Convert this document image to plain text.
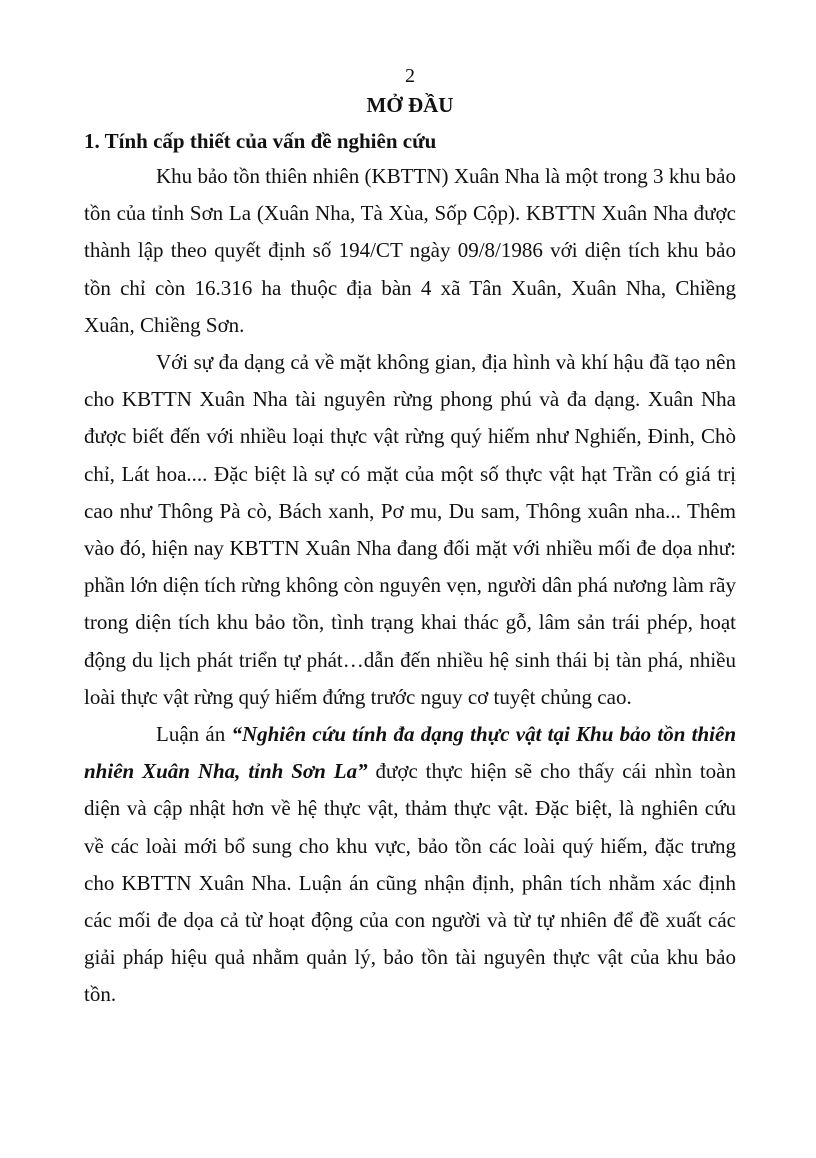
2

MỞ ĐẦU

1. Tính cấp thiết của vấn đề nghiên cứu

Khu bảo tồn thiên nhiên (KBTTN) Xuân Nha là một trong 3 khu bảo tồn của tỉnh Sơn La (Xuân Nha, Tà Xùa, Sốp Cộp). KBTTN Xuân Nha được thành lập theo quyết định số 194/CT ngày 09/8/1986 với diện tích khu bảo tồn chỉ còn 16.316 ha thuộc địa bàn 4 xã Tân Xuân, Xuân Nha, Chiềng Xuân, Chiềng Sơn.

Với sự đa dạng cả về mặt không gian, địa hình và khí hậu đã tạo nên cho KBTTN Xuân Nha tài nguyên rừng phong phú và đa dạng. Xuân Nha được biết đến với nhiều loại thực vật rừng quý hiếm như Nghiến, Đinh, Chò chỉ, Lát hoa.... Đặc biệt là sự có mặt của một số thực vật hạt Trần có giá trị cao như Thông Pà cò, Bách xanh, Pơ mu, Du sam, Thông xuân nha... Thêm vào đó, hiện nay KBTTN Xuân Nha đang đối mặt với nhiều mối đe dọa như: phần lớn diện tích rừng không còn nguyên vẹn, người dân phá nương làm rãy trong diện tích khu bảo tồn, tình trạng khai thác gỗ, lâm sản trái phép, hoạt động du lịch phát triển tự phát…dẫn đến nhiều hệ sinh thái bị tàn phá, nhiều loài thực vật rừng quý hiếm đứng trước nguy cơ tuyệt chủng cao.

Luận án “Nghiên cứu tính đa dạng thực vật tại Khu bảo tồn thiên nhiên Xuân Nha, tỉnh Sơn La” được thực hiện sẽ cho thấy cái nhìn toàn diện và cập nhật hơn về hệ thực vật, thảm thực vật. Đặc biệt, là nghiên cứu về các loài mới bổ sung cho khu vực, bảo tồn các loài quý hiếm, đặc trưng cho KBTTN Xuân Nha. Luận án cũng nhận định, phân tích nhằm xác định các mối đe dọa cả từ hoạt động của con người và từ tự nhiên để đề xuất các giải pháp hiệu quả nhằm quản lý, bảo tồn tài nguyên thực vật của khu bảo tồn.
